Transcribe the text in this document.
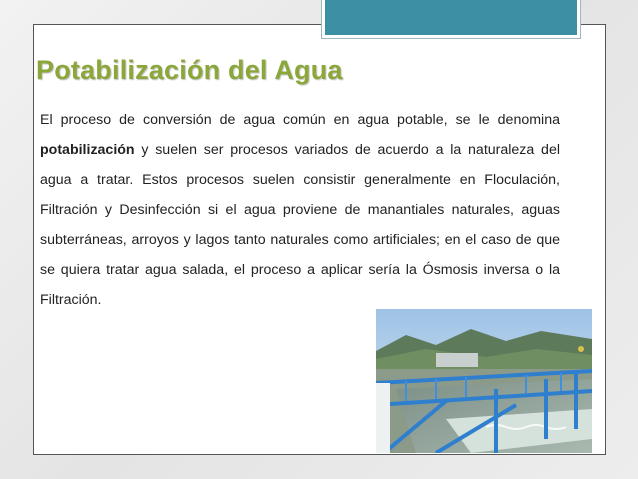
Potabilización del Agua

El proceso de conversión de agua común en agua potable, se le denomina potabilización y suelen ser procesos variados de acuerdo a la naturaleza del agua a tratar. Estos procesos suelen consistir generalmente en Floculación, Filtración y Desinfección si el agua proviene de manantiales naturales, aguas subterráneas, arroyos y lagos tanto naturales como artificiales; en el caso de que se quiera tratar agua salada, el proceso a aplicar sería la Ósmosis inversa o la Filtración.
